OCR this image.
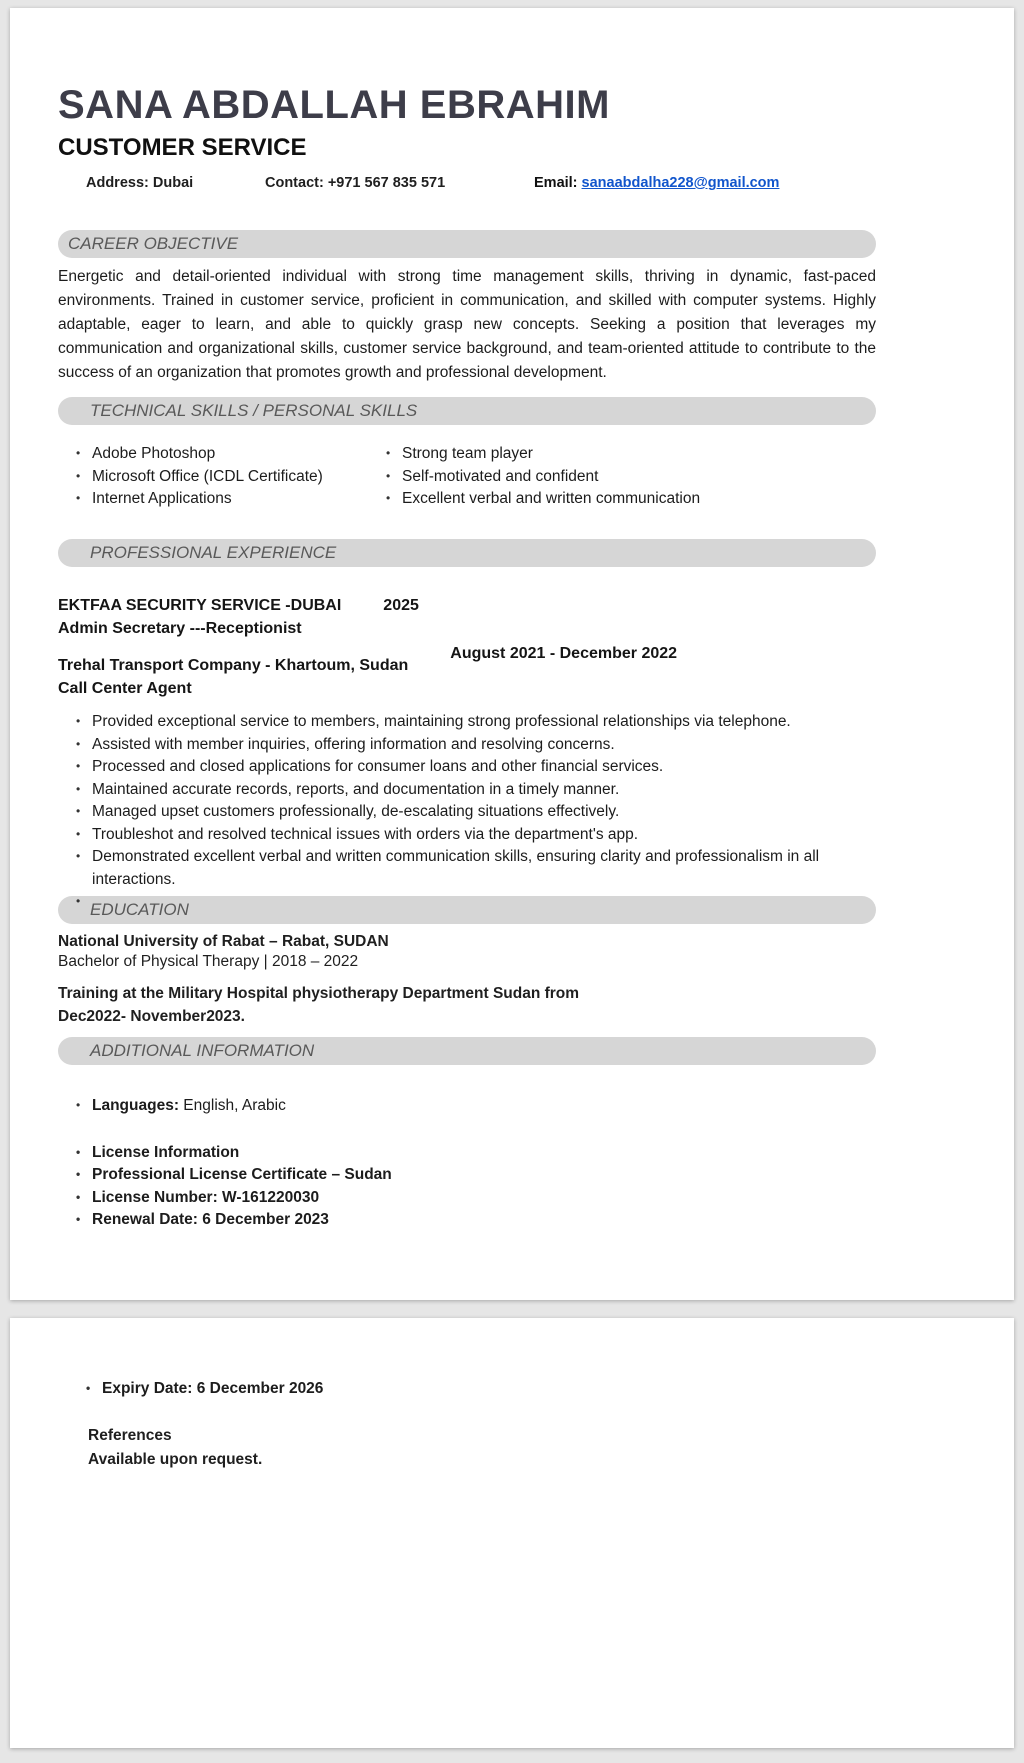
SANA ABDALLAH EBRAHIM
CUSTOMER SERVICE
Address: Dubai	Contact: +971 567 835 571	Email: sanaabdalha228@gmail.com
CAREER OBJECTIVE

Energetic and detail-oriented individual with strong time management skills, thriving in dynamic, fast-paced environments. Trained in customer service, proficient in communication, and skilled with computer systems. Highly adaptable, eager to learn, and able to quickly grasp new concepts. Seeking a position that leverages my communication and organizational skills, customer service background, and team-oriented attitude to contribute to the success of an organization that promotes growth and professional development.

TECHNICAL SKILLS / PERSONAL SKILLS
• Adobe Photoshop
• Microsoft Office (ICDL Certificate)
• Internet Applications
• Strong team player
• Self-motivated and confident
• Excellent verbal and written communication
PROFESSIONAL EXPERIENCE
EKTFAA SECURITY SERVICE -DUBAI	2025
Admin Secretary ---Receptionist
Trehal Transport Company - Khartoum, Sudan
August 2021 - December 2022
Call Center Agent
• Provided exceptional service to members, maintaining strong professional relationships via telephone.
• Assisted with member inquiries, offering information and resolving concerns.
• Processed and closed applications for consumer loans and other financial services.
• Maintained accurate records, reports, and documentation in a timely manner.
• Managed upset customers professionally, de-escalating situations effectively.
• Troubleshot and resolved technical issues with orders via the department's app.
• Demonstrated excellent verbal and written communication skills, ensuring clarity and professionalism in all interactions.
• EDUCATION
National University of Rabat – Rabat, SUDAN
Bachelor of Physical Therapy | 2018 – 2022
Training at the Military Hospital physiotherapy Department Sudan from Dec2022- November2023.
ADDITIONAL INFORMATION
• Languages: English, Arabic
• License Information
• Professional License Certificate – Sudan
• License Number: W-161220030
• Renewal Date: 6 December 2023
• Expiry Date: 6 December 2026
References
Available upon request.
